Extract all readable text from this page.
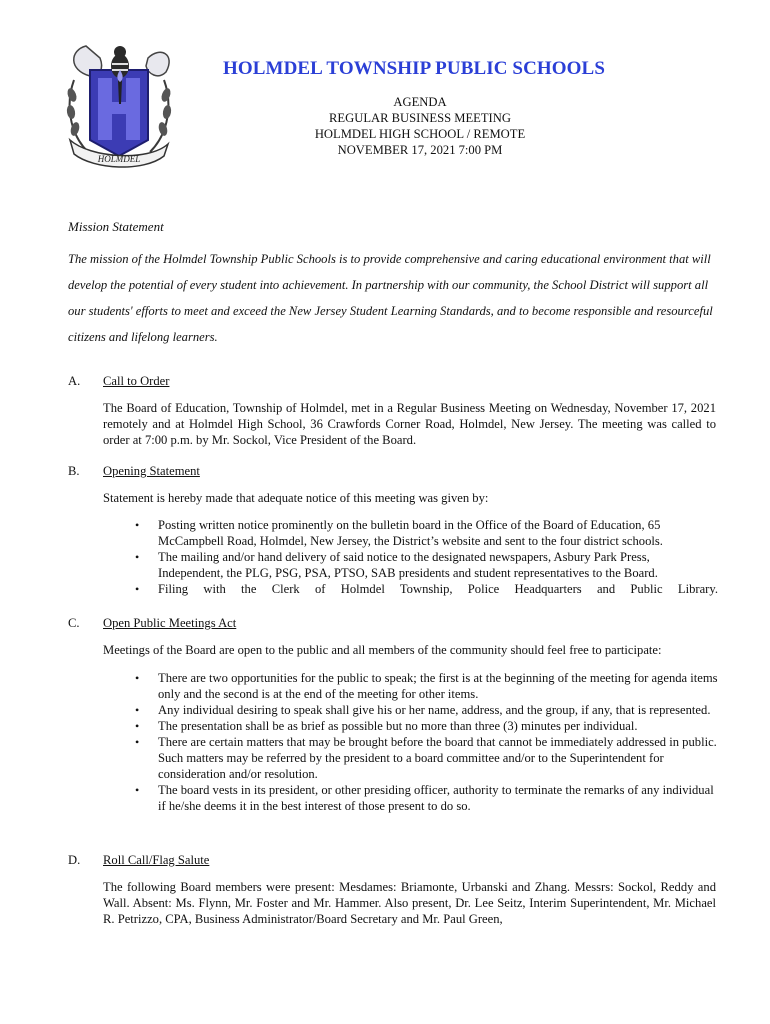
HOLMDEL
HOLMDEL TOWNSHIP PUBLIC SCHOOLS
AGENDA
REGULAR BUSINESS MEETING
HOLMDEL HIGH SCHOOL / REMOTE
NOVEMBER 17, 2021 7:00 PM
Mission Statement
The mission of the Holmdel Township Public Schools is to provide comprehensive and caring educational environment that will develop the potential of every student into achievement. In partnership with our community, the School District will support all our students' efforts to meet and exceed the New Jersey Student Learning Standards, and to become responsible and resourceful citizens and lifelong learners.
A. Call to Order
The Board of Education, Township of Holmdel, met in a Regular Business Meeting on Wednesday, November 17, 2021 remotely and at Holmdel High School, 36 Crawfords Corner Road, Holmdel, New Jersey. The meeting was called to order at 7:00 p.m. by Mr. Sockol, Vice President of the Board.
B. Opening Statement
Statement is hereby made that adequate notice of this meeting was given by:
• Posting written notice prominently on the bulletin board in the Office of the Board of Education, 65 McCampbell Road, Holmdel, New Jersey, the District’s website and sent to the four district schools.
• The mailing and/or hand delivery of said notice to the designated newspapers, Asbury Park Press, Independent, the PLG, PSG, PSA, PTSO, SAB presidents and student representatives to the Board.
• Filing with the Clerk of Holmdel Township, Police Headquarters and Public Library.
C. Open Public Meetings Act
Meetings of the Board are open to the public and all members of the community should feel free to participate:
• There are two opportunities for the public to speak; the first is at the beginning of the meeting for agenda items only and the second is at the end of the meeting for other items.
• Any individual desiring to speak shall give his or her name, address, and the group, if any, that is represented.
• The presentation shall be as brief as possible but no more than three (3) minutes per individual.
• There are certain matters that may be brought before the board that cannot be immediately addressed in public. Such matters may be referred by the president to a board committee and/or to the Superintendent for consideration and/or resolution.
• The board vests in its president, or other presiding officer, authority to terminate the remarks of any individual if he/she deems it in the best interest of those present to do so.
D. Roll Call/Flag Salute
The following Board members were present: Mesdames: Briamonte, Urbanski and Zhang. Messrs: Sockol, Reddy and Wall. Absent: Ms. Flynn, Mr. Foster and Mr. Hammer. Also present, Dr. Lee Seitz, Interim Superintendent, Mr. Michael R. Petrizzo, CPA, Business Administrator/Board Secretary and Mr. Paul Green,
